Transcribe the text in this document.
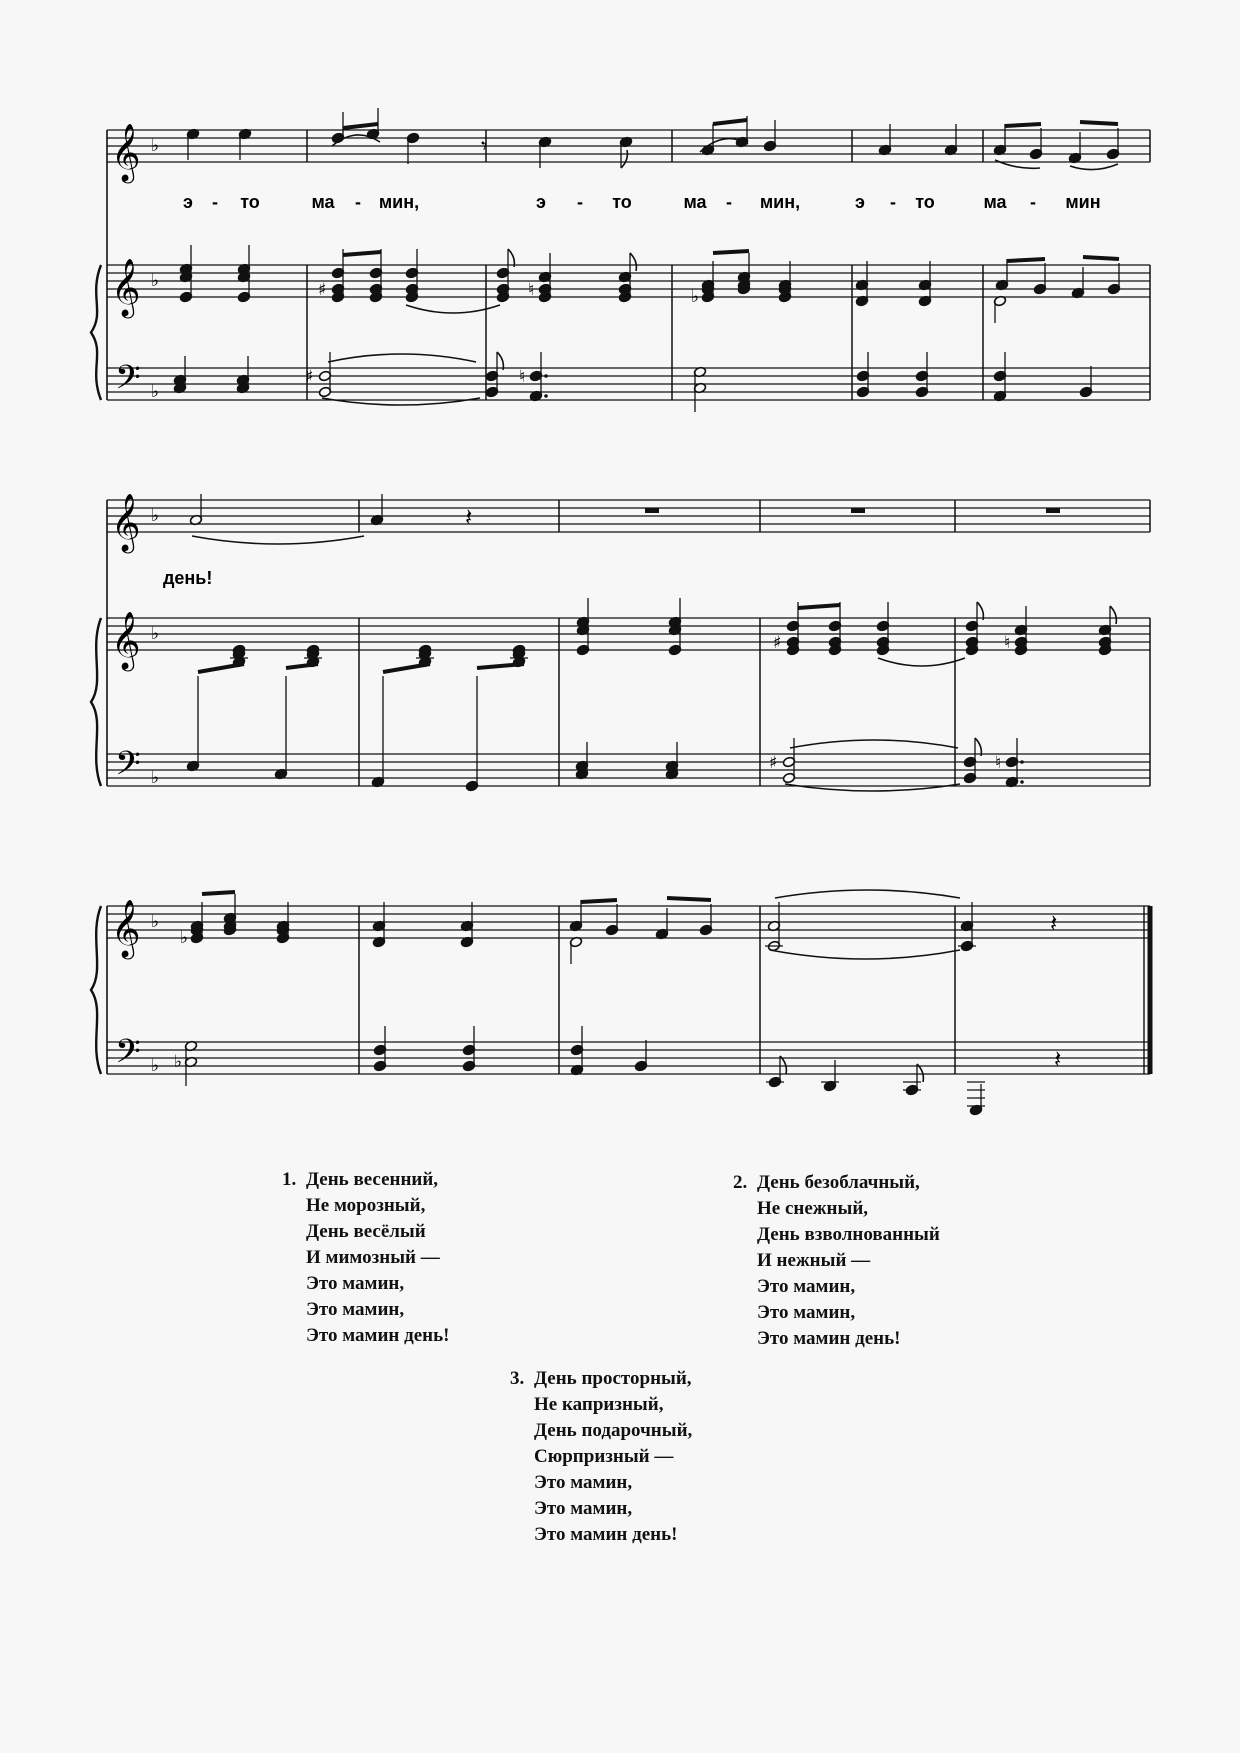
𝄞
𝄞
𝄢
♭
♭
♭
𝄾
э - то	ма - мин,	э - то	ма - мин,	э - то	ма - мин
♯	♮	♭
♯	♮
𝄞
𝄞
𝄢
♭
♭
♭
𝄽
день!
♯	♮
♯	♮
𝄞
𝄢
♭
♭
♭
𝄽
♭	𝄽
1. День весенний,
Не морозный,
День весёлый
И мимозный —
Это мамин,
Это мамин,
Это мамин день!
2. День безоблачный,
Не снежный,
День взволнованный
И нежный —
Это мамин,
Это мамин,
Это мамин день!
3. День просторный,
Не капризный,
День подарочный,
Сюрпризный —
Это мамин,
Это мамин,
Это мамин день!
